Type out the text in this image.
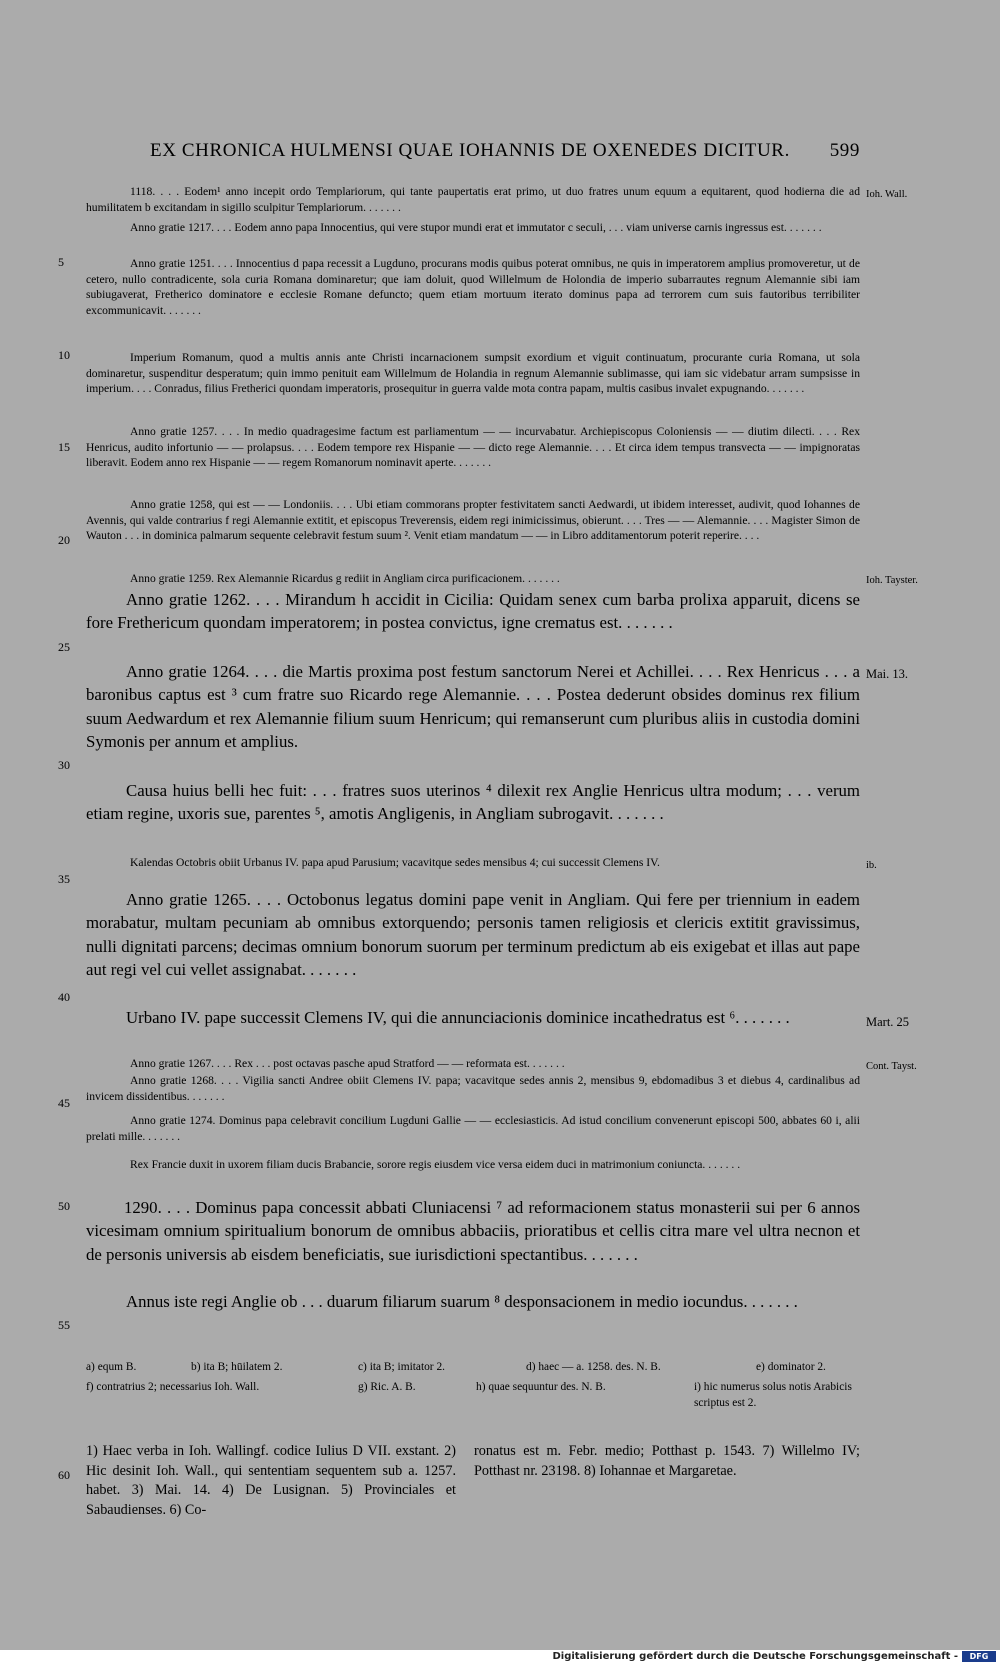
EX CHRONICA HULMENSI QUAE IOHANNIS DE OXENEDES DICITUR. 599
5
10
15
20
25
30
35
40
45
50
55
60
Ioh. Wall.
Ioh. Tayster.
Mai. 13.
ib.
Mart. 25
Cont. Tayst.

1118. . . . Eodem¹ anno incepit ordo Templariorum, qui tante paupertatis erat primo, ut duo fratres unum equum a equitarent, quod hodierna die ad humilitatem b excitandam in sigillo sculpitur Templariorum. . . . . . .

Anno gratie 1217. . . . Eodem anno papa Innocentius, qui vere stupor mundi erat et immutator c seculi, . . . viam universe carnis ingressus est. . . . . . .

Anno gratie 1251. . . . Innocentius d papa recessit a Lugduno, procurans modis quibus poterat omnibus, ne quis in imperatorem amplius promoveretur, ut de cetero, nullo contradicente, sola curia Romana dominaretur; que iam doluit, quod Willelmum de Holondia de imperio subarrautes regnum Alemannie sibi iam subiugaverat, Fretherico dominatore e ecclesie Romane defuncto; quem etiam mortuum iterato dominus papa ad terrorem cum suis fautoribus terribiliter excommunicavit. . . . . . .

Imperium Romanum, quod a multis annis ante Christi incarnacionem sumpsit exordium et viguit continuatum, procurante curia Romana, ut sola dominaretur, suspenditur desperatum; quin immo penituit eam Willelmum de Holandia in regnum Alemannie sublimasse, qui iam sic videbatur arram sumpsisse in imperium. . . . Conradus, filius Fretherici quondam imperatoris, prosequitur in guerra valde mota contra papam, multis casibus invalet expugnando. . . . . . .

Anno gratie 1257. . . . In medio quadragesime factum est parliamentum — — incurvabatur. Archiepiscopus Coloniensis — — diutim dilecti. . . . Rex Henricus, audito infortunio — — prolapsus. . . . Eodem tempore rex Hispanie — — dicto rege Alemannie. . . . Et circa idem tempus transvecta — — impignoratas liberavit. Eodem anno rex Hispanie — — regem Romanorum nominavit aperte. . . . . . .

Anno gratie 1258, qui est — — Londoniis. . . . Ubi etiam commorans propter festivitatem sancti Aedwardi, ut ibidem interesset, audivit, quod Iohannes de Avennis, qui valde contrarius f regi Alemannie extitit, et episcopus Treverensis, eidem regi inimicissimus, obierunt. . . . Tres — — Alemannie. . . . Magister Simon de Wauton . . . in dominica palmarum sequente celebravit festum suum ². Venit etiam mandatum — — in Libro additamentorum poterit reperire. . . .

Anno gratie 1259. Rex Alemannie Ricardus g rediit in Angliam circa purificacionem. . . . . . .

Anno gratie 1262. . . . Mirandum h accidit in Cicilia: Quidam senex cum barba prolixa apparuit, dicens se fore Frethericum quondam imperatorem; in postea convictus, igne crematus est. . . . . . .

Anno gratie 1264. . . . die Martis proxima post festum sanctorum Nerei et Achillei. . . . Rex Henricus . . . a baronibus captus est ³ cum fratre suo Ricardo rege Alemannie. . . . Postea dederunt obsides dominus rex filium suum Aedwardum et rex Alemannie filium suum Henricum; qui remanserunt cum pluribus aliis in custodia domini Symonis per annum et amplius.

Causa huius belli hec fuit: . . . fratres suos uterinos ⁴ dilexit rex Anglie Henricus ultra modum; . . . verum etiam regine, uxoris sue, parentes ⁵, amotis Angligenis, in Angliam subrogavit. . . . . . .

Kalendas Octobris obiit Urbanus IV. papa apud Parusium; vacavitque sedes mensibus 4; cui successit Clemens IV.

Anno gratie 1265. . . . Octobonus legatus domini pape venit in Angliam. Qui fere per triennium in eadem morabatur, multam pecuniam ab omnibus extorquendo; personis tamen religiosis et clericis extitit gravissimus, nulli dignitati parcens; decimas omnium bonorum suorum per terminum predictum ab eis exigebat et illas aut pape aut regi vel cui vellet assignabat. . . . . . .

Urbano IV. pape successit Clemens IV, qui die annunciacionis dominice incathedratus est ⁶. . . . . . .

Anno gratie 1267. . . . Rex . . . post octavas pasche apud Stratford — — reformata est. . . . . . .

Anno gratie 1268. . . . Vigilia sancti Andree obiit Clemens IV. papa; vacavitque sedes annis 2, mensibus 9, ebdomadibus 3 et diebus 4, cardinalibus ad invicem dissidentibus. . . . . . .

Anno gratie 1274. Dominus papa celebravit concilium Lugduni Gallie — — ecclesiasticis. Ad istud concilium convenerunt episcopi 500, abbates 60 i, alii prelati mille. . . . . . .

Rex Francie duxit in uxorem filiam ducis Brabancie, sorore regis eiusdem vice versa eidem duci in matrimonium coniuncta. . . . . . .

1290. . . . Dominus papa concessit abbati Cluniacensi ⁷ ad reformacionem status monasterii sui per 6 annos vicesimam omnium spiritualium bonorum de omnibus abbaciis, prioratibus et cellis citra mare vel ultra necnon et de personis universis ab eisdem beneficiatis, sue iurisdictioni spectantibus. . . . . . .

Annus iste regi Anglie ob . . . duarum filiarum suarum ⁸ desponsacionem in medio iocundus. . . . . . .

a) equm B.	b) ita B; hūilatem 2.	c) ita B; imitator 2.	d) haec — a. 1258. des. N. B.	e) dominator 2.
f) contratrius 2; necessarius Ioh. Wall.	g) Ric. A. B.	h) quae sequuntur des. N. B.	i) hic numerus solus notis Arabicis scriptus est 2.
1) Haec verba in Ioh. Wallingf. codice Iulius D VII. exstant. 2) Hic desinit Ioh. Wall., qui sententiam sequentem sub a. 1257. habet. 3) Mai. 14. 4) De Lusignan. 5) Provinciales et Sabaudienses. 6) Co-
ronatus est m. Febr. medio; Potthast p. 1543. 7) Willelmo IV; Potthast nr. 23198. 8) Iohannae et Margaretae.
Digitalisierung gefördert durch die Deutsche Forschungsgemeinschaft -	DFG
